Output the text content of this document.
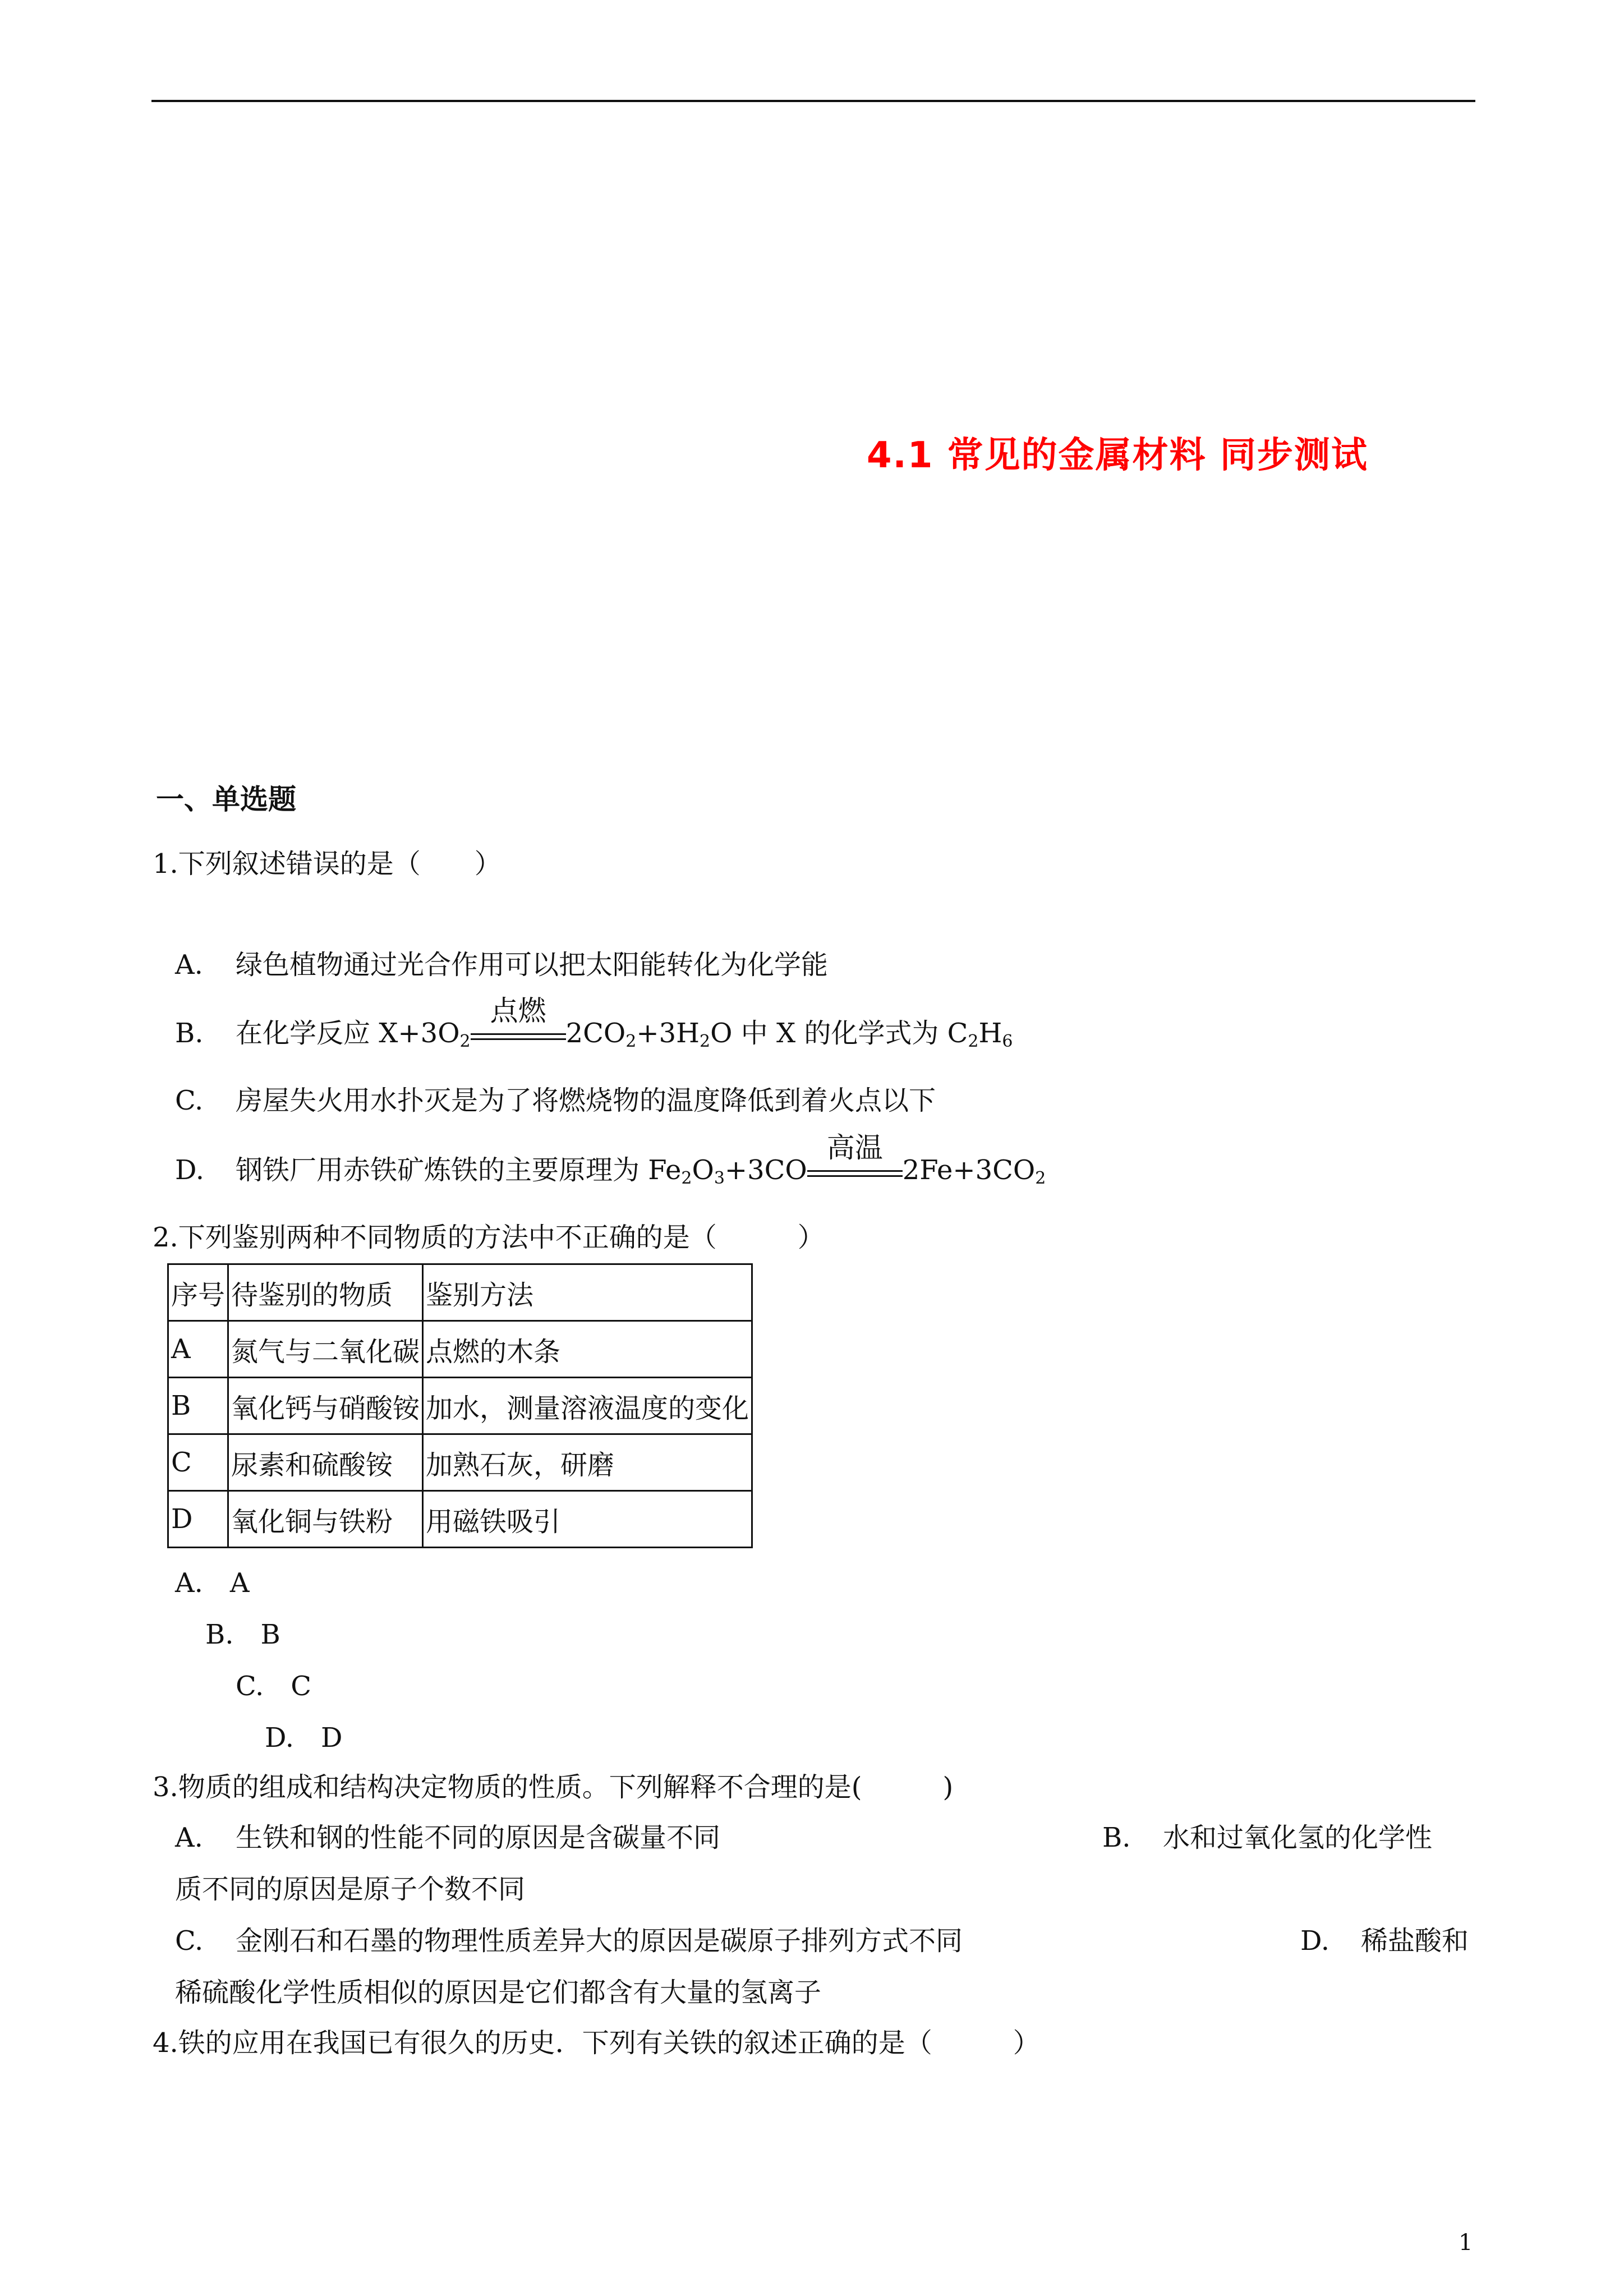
4.1 常见的金属材料 同步测试
一、单选题
1.下列叙述错误的是（　　）
A. 绿色植物通过光合作用可以把太阳能转化为化学能
B. 在化学反应 $X+3O_2$
点燃
$2CO_2+3H_2O$ 中 X 的化学式为 $C_2H_6$
C. 房屋失火用水扑灭是为了将燃烧物的温度降低到着火点以下
D. 钢铁厂用赤铁矿炼铁的主要原理为 $Fe_2O_3+3CO$
高温
$2Fe+3CO_2$
2.下列鉴别两种不同物质的方法中不正确的是（　　　）
序号	待鉴别的物质	鉴别方法
A	氮气与二氧化碳	点燃的木条
B	氧化钙与硝酸铵	加水，测量溶液温度的变化
C	尿素和硫酸铵	加熟石灰，研磨
D	氧化铜与铁粉	用磁铁吸引
A.　A
B.　B
C.　C
D.　D
3.物质的组成和结构决定物质的性质。下列解释不合理的是(　　　)
A. 生铁和钢的性能不同的原因是含碳量不同	B. 水和过氧化氢的化学性
质不同的原因是原子个数不同
C. 金刚石和石墨的物理性质差异大的原因是碳原子排列方式不同	D. 稀盐酸和
稀硫酸化学性质相似的原因是它们都含有大量的氢离子
4.铁的应用在我国已有很久的历史．下列有关铁的叙述正确的是（　　　）
1
